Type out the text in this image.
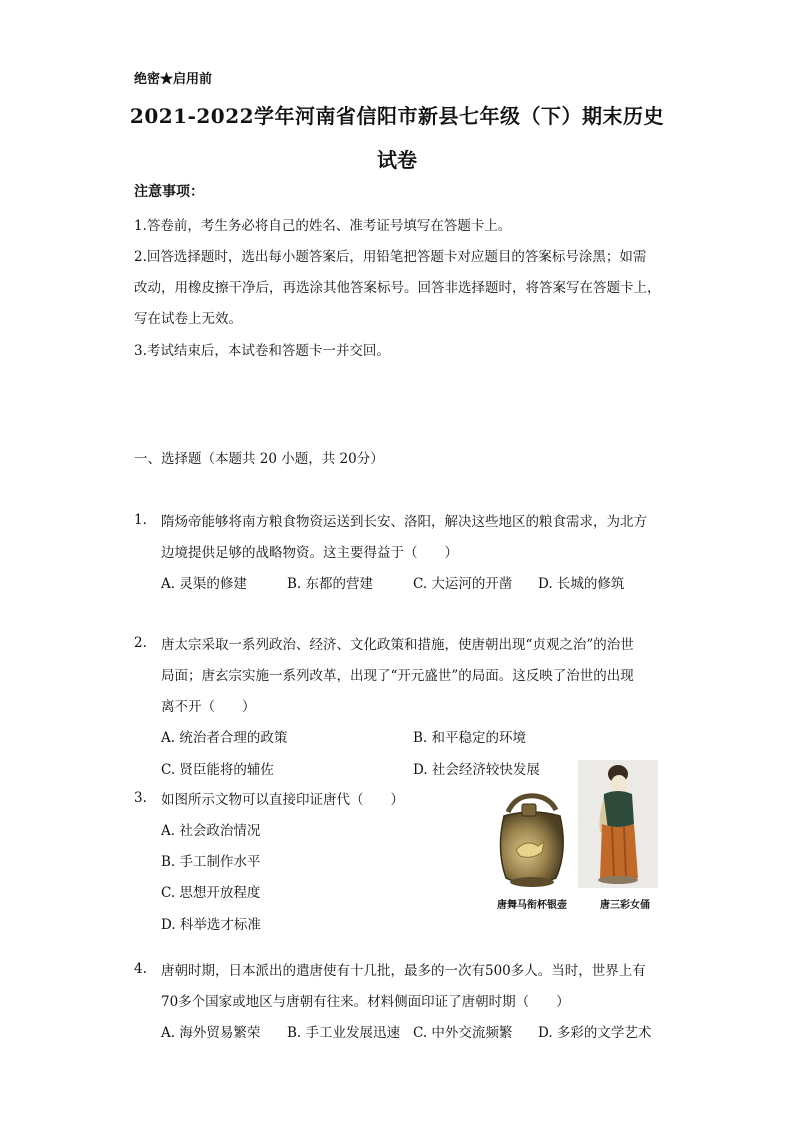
绝密★启用前
2021-2022学年河南省信阳市新县七年级（下）期末历史
试卷
注意事项：
1.答卷前，考生务必将自己的姓名、准考证号填写在答题卡上。
2.回答选择题时，选出每小题答案后，用铅笔把答题卡对应题目的答案标号涂黑；如需
改动，用橡皮擦干净后，再选涂其他答案标号。回答非选择题时，将答案写在答题卡上，
写在试卷上无效。
3.考试结束后，本试卷和答题卡一并交回。
一、选择题（本题共 20 小题，共 20分）
1. 隋炀帝能够将南方粮食物资运送到长安、洛阳，解决这些地区的粮食需求，为北方
边境提供足够的战略物资。这主要得益于（　　）
A. 灵渠的修建	B. 东都的营建	C. 大运河的开凿 D. 长城的修筑
2. 唐太宗采取一系列政治、经济、文化政策和措施，使唐朝出现“贞观之治”的治世
局面；唐玄宗实施一系列改革，出现了“开元盛世”的局面。这反映了治世的出现
离不开（　　）
A. 统治者合理的政策	B. 和平稳定的环境
C. 贤臣能将的辅佐	D. 社会经济较快发展
3. 如图所示文物可以直接印证唐代（　　）
A. 社会政治情况
B. 手工制作水平
C. 思想开放程度
D. 科举选才标准
唐舞马衔杯银壶	唐三彩女俑
4. 唐朝时期，日本派出的遣唐使有十几批，最多的一次有500多人。当时，世界上有
70多个国家或地区与唐朝有往来。材料侧面印证了唐朝时期（　　）
A. 海外贸易繁荣 B. 手工业发展迅速 C. 中外交流频繁 D. 多彩的文学艺术
